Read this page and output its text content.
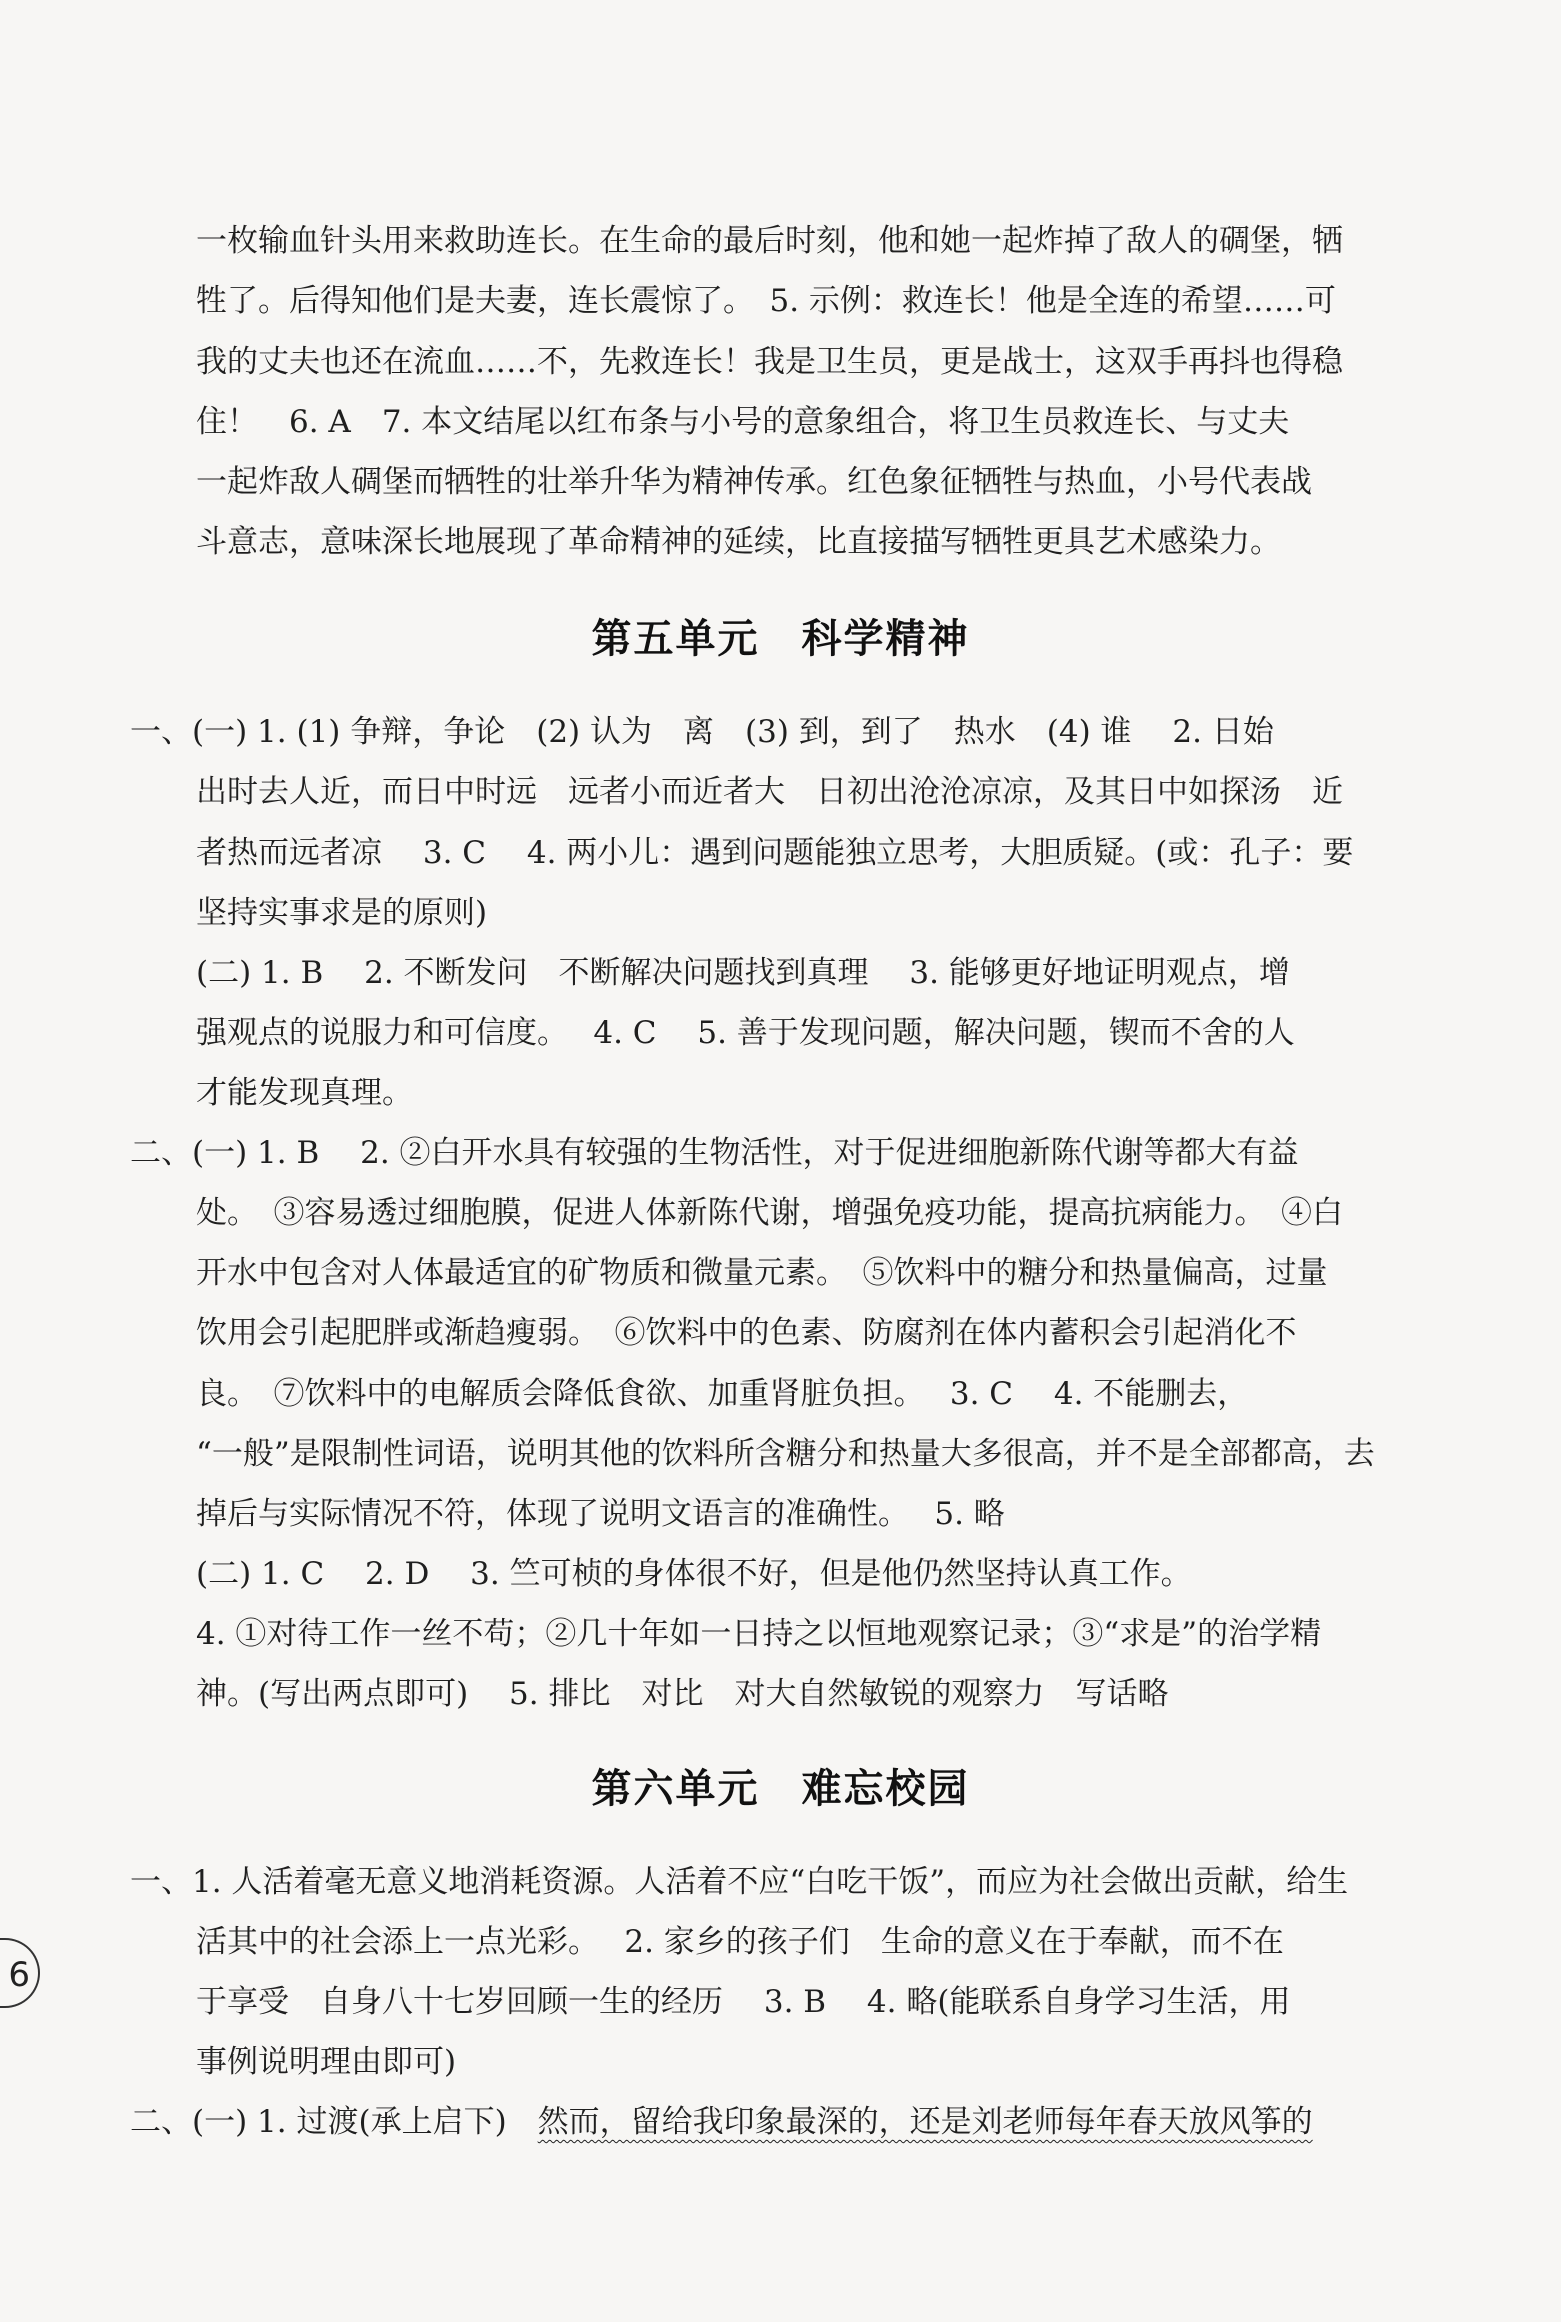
一枚输血针头用来救助连长。在生命的最后时刻，他和她一起炸掉了敌人的碉堡，牺
牲了。后得知他们是夫妻，连长震惊了。　5. 示例：救连长！他是全连的希望……可
我的丈夫也还在流血……不，先救连长！我是卫生员，更是战士，这双手再抖也得稳
住！　6. A　7. 本文结尾以红布条与小号的意象组合，将卫生员救连长、与丈夫
一起炸敌人碉堡而牺牲的壮举升华为精神传承。红色象征牺牲与热血，小号代表战
斗意志，意味深长地展现了革命精神的延续，比直接描写牺牲更具艺术感染力。
第五单元　科学精神
一、(一) 1. (1) 争辩，争论　(2) 认为　离　(3) 到，到了　热水　(4) 谁　 2. 日始
出时去人近，而日中时远　远者小而近者大　日初出沧沧凉凉，及其日中如探汤　近
者热而远者凉　 3. C　 4. 两小儿：遇到问题能独立思考，大胆质疑。(或：孔子：要
坚持实事求是的原则)
(二) 1. B　 2. 不断发问　不断解决问题找到真理　 3. 能够更好地证明观点，增
强观点的说服力和可信度。　 4. C　 5. 善于发现问题，解决问题，锲而不舍的人
才能发现真理。
二、(一) 1. B　 2. ②白开水具有较强的生物活性，对于促进细胞新陈代谢等都大有益
处。　③容易透过细胞膜，促进人体新陈代谢，增强免疫功能，提高抗病能力。　④白
开水中包含对人体最适宜的矿物质和微量元素。　⑤饮料中的糖分和热量偏高，过量
饮用会引起肥胖或渐趋瘦弱。　⑥饮料中的色素、防腐剂在体内蓄积会引起消化不
良。　⑦饮料中的电解质会降低食欲、加重肾脏负担。　 3. C　 4. 不能删去，
“一般”是限制性词语，说明其他的饮料所含糖分和热量大多很高，并不是全部都高，去
掉后与实际情况不符，体现了说明文语言的准确性。　 5. 略
(二) 1. C　 2. D　 3. 竺可桢的身体很不好，但是他仍然坚持认真工作。
4. ①对待工作一丝不苟；②几十年如一日持之以恒地观察记录；③“求是”的治学精
神。(写出两点即可)　 5. 排比　对比　对大自然敏锐的观察力　写话略
第六单元　难忘校园
一、1. 人活着毫无意义地消耗资源。人活着不应“白吃干饭”，而应为社会做出贡献，给生
活其中的社会添上一点光彩。　 2. 家乡的孩子们　生命的意义在于奉献，而不在
于享受　自身八十七岁回顾一生的经历　 3. B　 4. 略(能联系自身学习生活，用
事例说明理由即可)
二、(一) 1. 过渡(承上启下)　然而，留给我印象最深的，还是刘老师每年春天放风筝的
6
